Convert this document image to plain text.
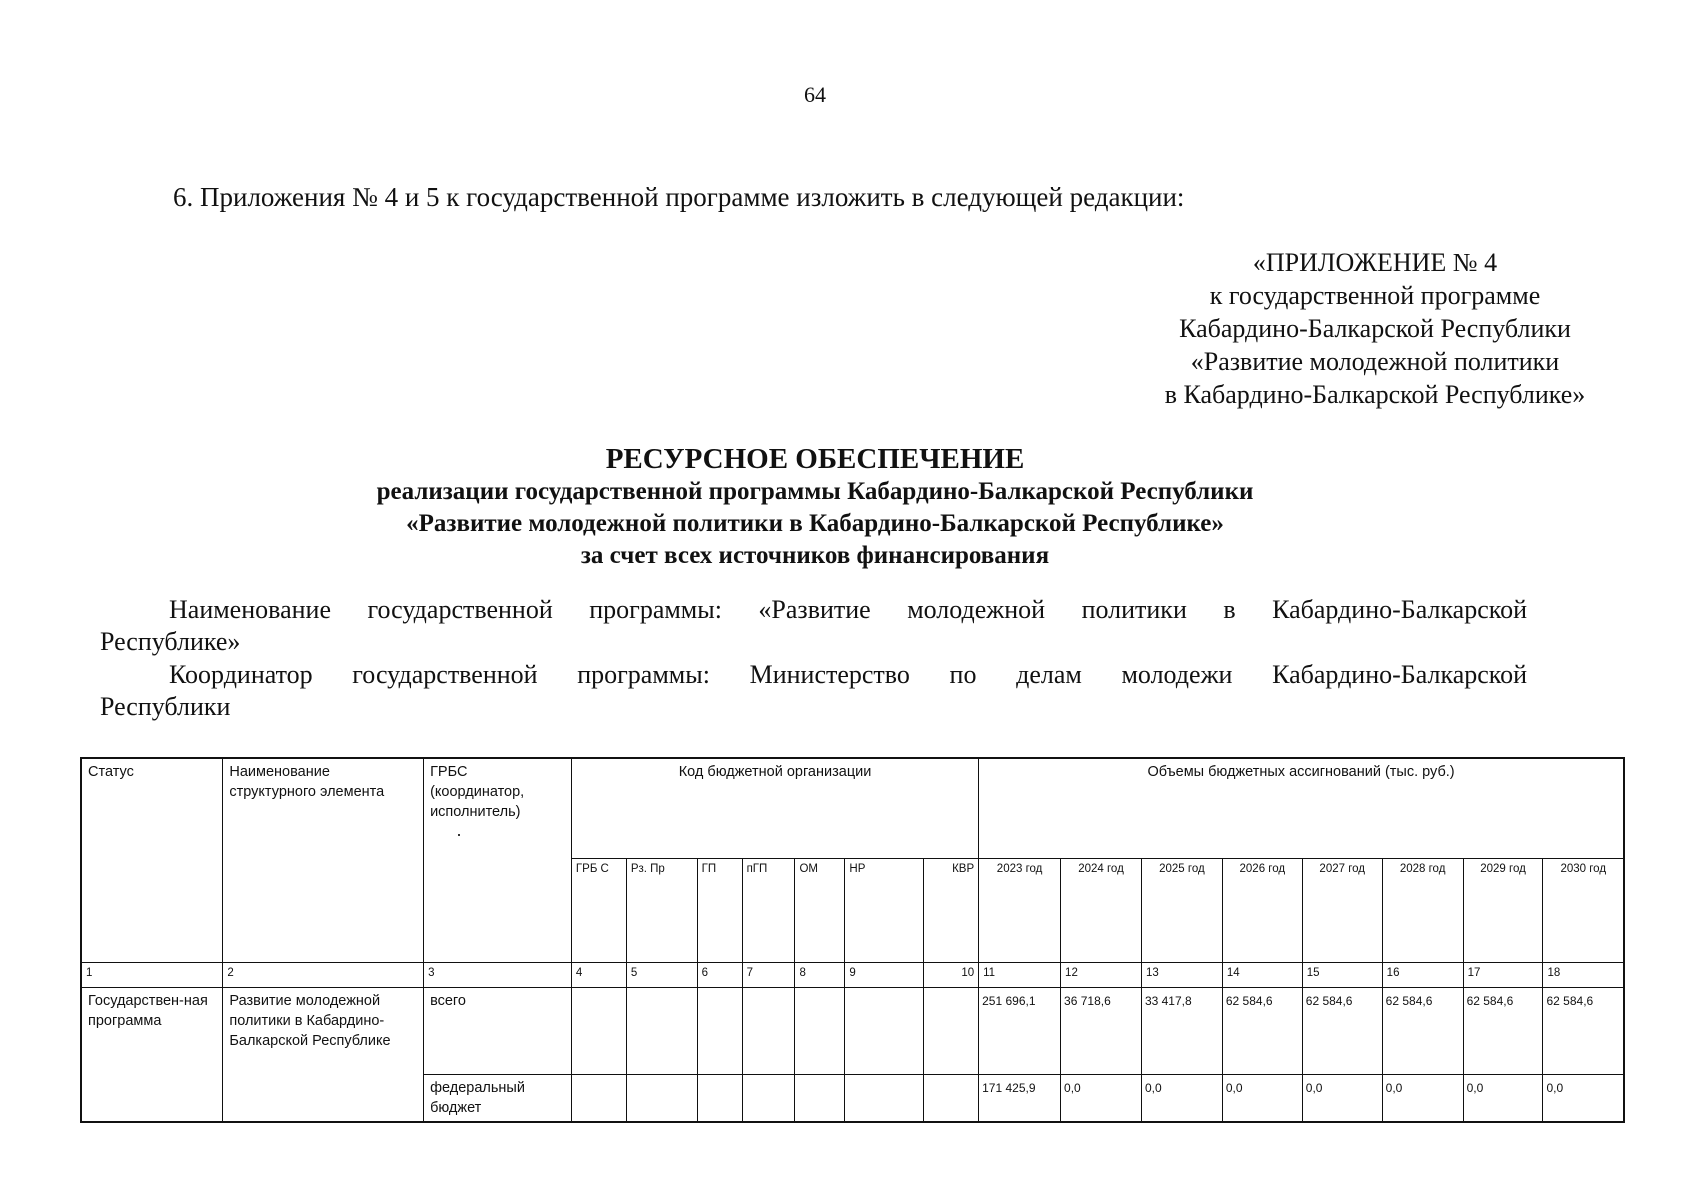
64
6. Приложения № 4 и 5 к государственной программе изложить в следующей редакции:
«ПРИЛОЖЕНИЕ № 4
к государственной программе
Кабардино-Балкарской Республики
«Развитие молодежной политики
в Кабардино-Балкарской Республике»
РЕСУРСНОЕ ОБЕСПЕЧЕНИЕ
реализации государственной программы Кабардино-Балкарской Республики
«Развитие молодежной политики в Кабардино-Балкарской Республике»
за счет всех источников финансирования
Наименование государственной программы: «Развитие молодежной политики в Кабардино-Балкарской
Республике»
Координатор государственной программы: Министерство по делам молодежи Кабардино-Балкарской
Республики
Статус	Наименование структурного элемента	ГРБС (координатор, исполнитель)	Код бюджетной организации							Объемы бюджетных ассигнований (тыс. руб.)							
			ГРБ С	Рз. Пр	ГП	пГП	ОМ	НР	КВР	2023 год	2024 год	2025 год	2026 год	2027 год	2028 год	2029 год	2030 год
1	2	3	4	5	6	7	8	9	10	11	12	13	14	15	16	17	18
Государствен-ная программа	Развитие молодежной политики в Кабардино-Балкарской Республике	всего								251 696,1	36 718,6	33 417,8	62 584,6	62 584,6	62 584,6	62 584,6	62 584,6
		федеральный бюджет								171 425,9	0,0	0,0	0,0	0,0	0,0	0,0	0,0
